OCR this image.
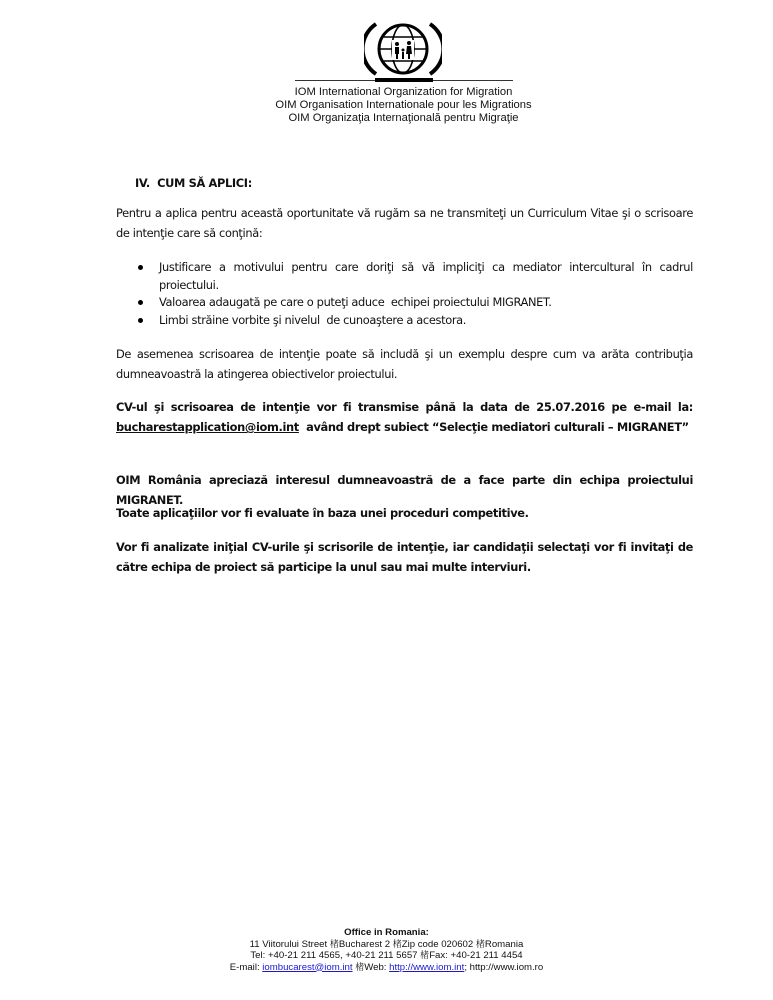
IOM International Organization for Migration
OIM Organisation Internationale pour les Migrations
OIM Organizaţia Internaţională pentru Migraţie
IV.  CUM SĂ APLICI:
Pentru a aplica pentru această oportunitate vă rugăm sa ne transmiteţi un Curriculum Vitae şi o scrisoare de intenţie care să conţină:
Justificare a motivului pentru care doriţi să vă impliciţi ca mediator intercultural în cadrul proiectului.
Valoarea adaugată pe care o puteţi aduce  echipei proiectului MIGRANET.
Limbi străine vorbite şi nivelul  de cunoaştere a acestora.
De asemenea scrisoarea de intenţie poate să includă şi un exemplu despre cum va arăta contribuţia dumneavoastră la atingerea obiectivelor proiectului.
CV-ul şi scrisoarea de intenţie vor fi transmise până la data de 25.07.2016 pe e-mail la: bucharestapplication@iom.int  având drept subiect “Selecţie mediatori culturali – MIGRANET”
OIM România apreciază interesul dumneavoastră de a face parte din echipa proiectului MIGRANET.
Toate aplicaţiilor vor fi evaluate în baza unei proceduri competitive.
Vor fi analizate iniţial CV-urile şi scrisorile de intenţie, iar candidaţii selectaţi vor fi invitaţi de către echipa de proiect să participe la unul sau mai multe interviuri.
Office in Romania:
11 Viitorului Street 楮Bucharest 2 楮Zip code 020602 楮Romania
Tel: +40-21 211 4565, +40-21 211 5657 楮Fax: +40-21 211 4454
E-mail: iombucarest@iom.int 楮Web: http://www.iom.int; http://www.iom.ro
